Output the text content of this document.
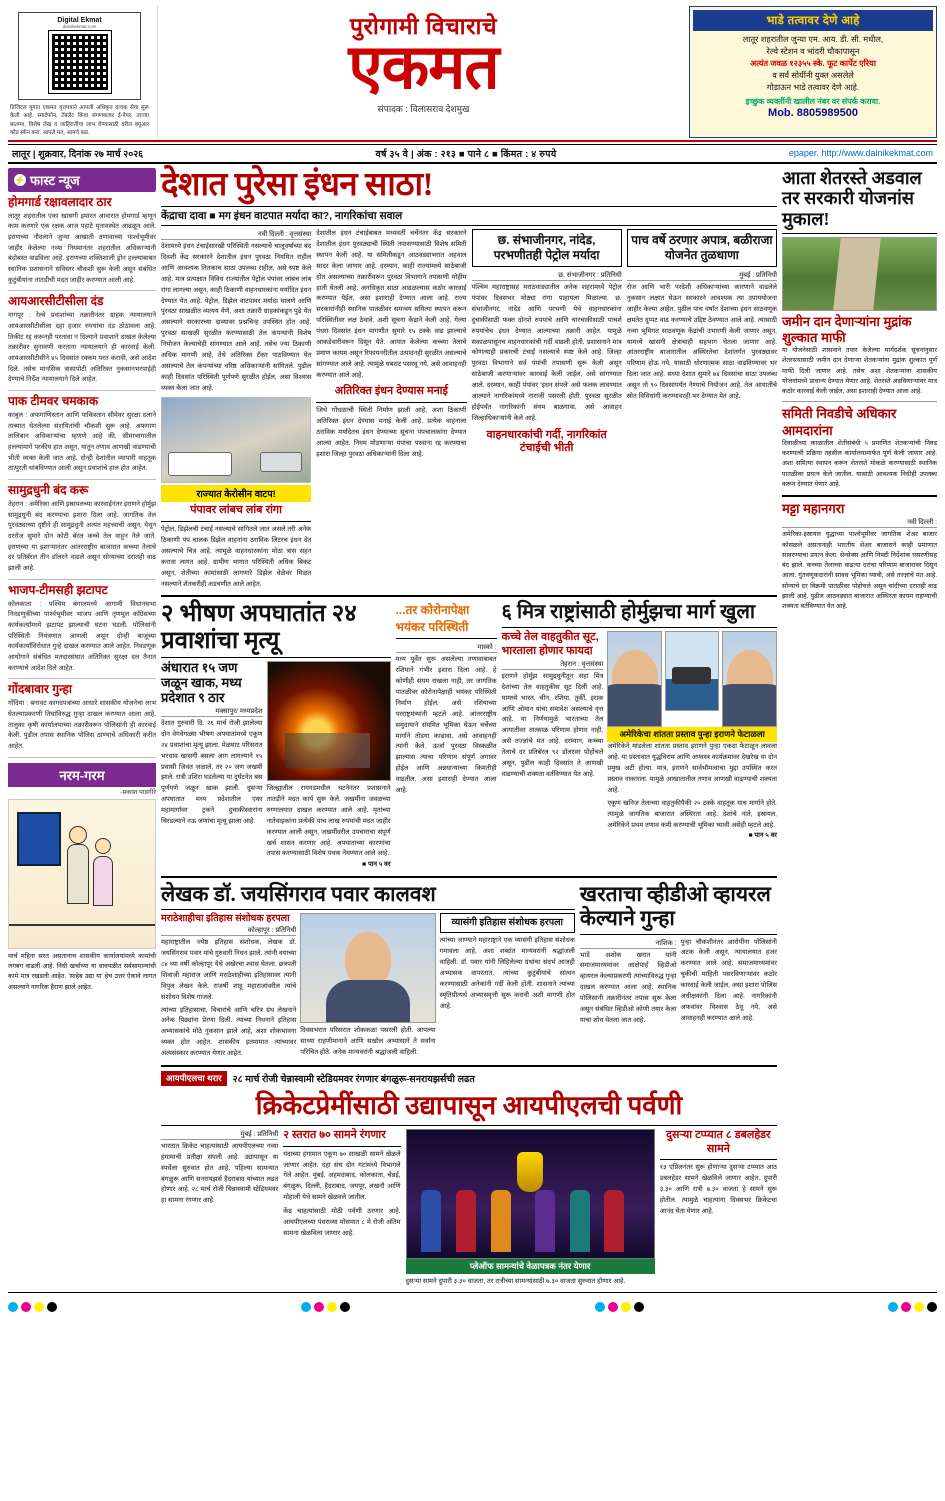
Digital Ekmat
dainikekmat.com

डिजिटल युगात एकमत वृत्तपत्राने आपली अधिकृत वाचक सेवा सुरू केली आहे. स्मार्टफोन, टॅबलेट किंवा संगणकावर ई-पेपर, ताज्या बातम्या, विशेष लेख व जाहिरातींचा लाभ घेण्यासाठी वरील क्यूआर कोड स्कॅन करा. आपले मत, आमचे बळ.

पुरोगामी विचाराचे
एकमत
संपादक : विलासराव देशमुख
भाडे तत्वावर देणे आहे
लातूर शहरातील जुन्या एम. आय. डी. सी. मधील,
रेल्वे स्टेशन व भांदरी चौकापासून
अत्यंत जवळ १२३५५ स्के. फूट कार्पेट एरिया
व सर्व सोयींनी युक्त असलेले
गोडाऊन भाडे तत्वावर देणे आहे.
इच्छुक व्यक्तींनी खालील नंबर वर संपर्क करावा.
Mob. 8805989500
लातूर | शुक्रवार, दिनांक २७ मार्च २०२६	वर्ष ३५ वे | अंक : २१३ ■ पाने ८ ■ किंमत : ४ रुपये	epaper. http://www.dainikekmat.com
⚡ फास्ट न्यूज
होमगार्ड रक्षावलादार ठार
लातूर शहरातील एका खासगी इमारत आवारात होमगार्ड म्हणून काम करणारे एक रक्षक आज पहाटे मृतावस्थेत आढळून आले. इराणच्या नौदलाने जुन्या आखाती तणावाच्या पार्श्वभूमीवर जाहीर केलेल्या नव्या नियमानंतर शहरातील अधिकाऱ्यांनी बंदोबस्त वाढविला आहे. इराणच्या शक्तिशाली ड्रोन हल्ल्याबाबत स्थानिक प्रशासनाने सविस्तर चौकशी सुरू केली असून संबंधित कुटुंबीयांना तातडीची मदत जाहीर करण्यात आली आहे.
आयआरसीटीसीला दंड
नागपूर : रेल्वे प्रवाशांच्या तक्रारीनंतर ग्राहक न्यायालयाने आयआरसीटीसीला दहा हजार रुपयांचा दंड ठोठावला आहे. तिकीट रद्द करूनही परतावा न दिल्याने प्रवाशाने दाखल केलेल्या तक्रारीवर सुनावणी करताना न्यायालयाने ही कारवाई केली. आयआरसीटीसीने ४५ दिवसांत रक्कम परत करावी, असे आदेश दिले. तसेच मानसिक त्रासापोटी अतिरिक्त नुकसानभरपाईही देण्याचे निर्देश न्यायालयाने दिले आहेत.
पाक टीमवर चमकाक
काबुल : अफगाणिस्तान आणि पाकिस्तान सीमेवर सुरक्षा दलाने ताब्यात घेतलेल्या संशयितांची चौकशी सुरू आहे. अफगाण तालिबान अधिकाऱ्यांचा म्हणणे आहे की, सीमाभागातील हल्ल्यांमागे परकीय हात असून, यातून तणाव आणखी वाढण्याची भीती व्यक्त केली जात आहे. दोन्ही देशांतील व्यापारी वाहतूक तात्पुरती थांबविण्यात आली असून प्रवाशांचे हाल होत आहेत.
सामुद्रधुनी बंद करू
तेहरान : अमेरिका आणि इस्रायलच्या कारवाईनंतर इराणने होर्मुझ सामुद्रधुनी बंद करण्याचा इशारा दिला आहे. जागतिक तेल पुरवठ्याच्या दृष्टीने ही सामुद्रधुनी अत्यंत महत्त्वाची असून, येथून दररोज सुमारे दोन कोटी बॅरल कच्चे तेल वाहून नेले जाते. इराणच्या या इशाऱ्यानंतर आंतरराष्ट्रीय बाजारात कच्च्या तेलाचे दर प्रतिबॅरल तीन डॉलरने वाढले असून सोन्याच्या दरातही वाढ झाली आहे.
भाजप-टीमसही झटापट
कोलकाता : पश्चिम बंगालमध्ये आगामी विधानसभा निवडणुकीच्या पार्श्वभूमीवर भाजप आणि तृणमूल काँग्रेसच्या कार्यकर्त्यांमध्ये झटापट झाल्याची घटना घडली. पोलिसांनी परिस्थिती नियंत्रणात आणली असून दोन्ही बाजूंच्या कार्यकर्त्यांविरोधात गुन्हे दाखल करण्यात आले आहेत. निवडणूक आयोगाने संबंधित मतदारसंघात अतिरिक्त सुरक्षा दल तैनात करण्याचे आदेश दिले आहेत.
गोंदबावार गुन्हा
गोंदिया : बनावट कागदपत्रांच्या आधारे शासकीय योजनेचा लाभ घेतल्याप्रकरणी तिघांविरुद्ध गुन्हा दाखल करण्यात आला आहे. तालुका कृषी कार्यालयाच्या तक्रारीवरून पोलिसांनी ही कारवाई केली. पुढील तपास स्थानिक पोलिस ठाण्याचे अधिकारी करीत आहेत.
नरम-गरम
-प्रकाश पाडगीरे
मार्च महिना सरत असतानाच शासकीय कार्यालयांमध्ये कामांची लगबग वाढली आहे. निधी खर्चाच्या या धावपळीत सर्वसामान्यांची कामे मात्र रखडली आहेत. 'साहेब उद्या या' हेच उत्तर ऐकावे लागत असल्याने नागरिक हैराण झाले आहेत.
देशात पुरेसा इंधन साठा!
केंद्राचा दावा ■ मग इंधन वाटपात मर्यादा का?, नागरिकांचा सवाल
नवी दिल्ली : वृत्तसंस्था
देशामध्ये इंधन टंचाईसारखी परिस्थिती नसल्याचे चालूवर्षाच्या बंद दिवशी केंद्र सरकारने देशातील इंधन पुरवठा नियमित राहील आणि आवश्यक तितकाच साठा उपलब्ध राहील, असे स्पष्ट केले आहे. मात्र प्रत्यक्षात विविध राज्यांतील पेट्रोल पंपांवर लांबच लांब रांगा लागल्या असून, काही ठिकाणी वाहनधारकांना मर्यादित इंधन देण्यात येत आहे. पेट्रोल, डिझेल वाटपावर मर्यादा घालणे आणि पुरवठा साखळीत व्यत्यय येणे, अशा तक्रारी ग्राहकांकडून पुढे येत असल्याने सरकारच्या दाव्यावर प्रश्नचिन्ह उपस्थित होत आहे. पुरवठा साखळी सुरळीत करण्यासाठी तेल कंपन्यांनी विशेष नियोजन केल्याचेही सांगण्यात आले आहे. तसेच ज्या ठिकाणी अधिक मागणी आहे, तेथे अतिरिक्त टँकर पाठविण्यात येत असल्याचे तेल कंपन्यांच्या वरिष्ठ अधिकाऱ्यांनी सांगितले. पुढील काही दिवसांत परिस्थिती पूर्णपणे सुरळीत होईल, असा विश्वास व्यक्त केला जात आहे.
राज्यात केरोसीन वाटप!
पंपावर लांबच लांब रांगा
पेट्रोल, डिझेलची टंचाई नसल्याचे सांगितले जात असले तरी अनेक ठिकाणी पंप चालक डिझेल वाहनांना ठराविक लिटरच इंधन देत असल्याचे चित्र आहे. त्यामुळे वाहनधारकांना मोठा त्रास सहन करावा लागत आहे. ग्रामीण भागात परिस्थिती अधिक बिकट असून, शेतीच्या कामांसाठी लागणारे डिझेल वेळेवर मिळत नसल्याने शेतकरीही अडचणीत आले आहेत.
देशातील इंधन टंचाईबाबत मध्यवर्ती चर्चेनंतर केंद्र सरकारने देशातील इंधन पुरवठ्याची स्थिती तपासण्यासाठी विशेष समिती स्थापन केली आहे. या समितीकडून आठवड्याभरात अहवाल सादर केला जाणार आहे. दरम्यान, काही राज्यांमध्ये साठेबाजी होत असल्याच्या तक्रारींवरून पुरवठा विभागाने तपासणी मोहीम हाती घेतली आहे. अनधिकृत साठा आढळल्यास कठोर कारवाई करण्यात येईल, असा इशाराही देण्यात आला आहे. राज्य सरकारांनीही स्थानिक पातळीवर समन्वय समित्या स्थापन करून परिस्थितीवर लक्ष ठेवावे, अशी सूचना केंद्राने केली आहे. गेल्या पंधरा दिवसांत इंधन मागणीत सुमारे १५ टक्के वाढ झाल्याचे आकडेवारीवरून दिसून येते. आयात केलेल्या कच्च्या तेलाचे प्रमाण कायम असून रिफायनरीतील उत्पादनही सुरळीत असल्याचे सांगण्यात आले आहे. त्यामुळे घबराट पसरवू नये, असे आवाहनही करण्यात आले आहे.
अतिरिक्त इंधन देण्यास मनाई
जिथे गोंधळाची स्थिती निर्माण झाली आहे, अशा ठिकाणी अतिरिक्त इंधन देण्यास मनाई केली आहे. प्रत्येक वाहनाला ठराविक मर्यादेतच इंधन देण्याच्या सूचना पंपचालकांना देण्यात आल्या आहेत. नियम मोडणाऱ्या पंपांचा परवाना रद्द करण्याचा इशारा जिल्हा पुरवठा अधिकाऱ्यांनी दिला आहे.
छ. संभाजीनगर, नांदेड, परभणीतही पेट्रोल मर्यादा
छ. संभाजीनगर : प्रतिनिधी
पश्चिम महाराष्ट्रासह मराठवाड्यातील अनेक शहरांमध्ये पेट्रोल पंपांवर दिवसभर मोठ्या रांगा पाहायला मिळाल्या. छ. संभाजीनगर, नांदेड आणि परभणी येथे वाहनधारकांना दुचाकीसाठी फक्त दोनशे रुपयांचे आणि चारचाकीसाठी पाचशे रुपयांचेच इंधन देण्यात आल्याच्या तक्रारी आहेत. यामुळे सकाळपासूनच वाहनधारकांची गर्दी वाढली होती. प्रशासनाने मात्र कोणत्याही प्रकारची टंचाई नसल्याचे स्पष्ट केले आहे. जिल्हा पुरवठा विभागाने सर्व पंपांची तपासणी सुरू केली असून साठेबाजी करणाऱ्यांवर कारवाई केली जाईल, असे सांगण्यात आले. दरम्यान, काही पंपांवर 'इंधन संपले' असे फलक लावण्यात आल्याने नागरिकांमध्ये नाराजी पसरली होती. पुरवठा सुरळीत होईपर्यंत नागरिकांनी संयम बाळगावा, असे आवाहन जिल्हाधिकाऱ्यांनी केले आहे.
वाहनधारकांची गर्दी, नागरिकांत टंचाईची भीती
पाच वर्षे ठरणार अपात्र, बळीराजा योजनेत तुळधाणा
मुंबई : प्रतिनिधी
रोज आणि भारी परदेशी अधिकाऱ्यांच्या कारणाने वाढलेले नुकसान लक्षात घेऊन सरकारने आवश्यक त्या उपाययोजना जाहीर केल्या आहेत. पुढील पाच वर्षांत देशाच्या इंधन साठवणूक क्षमतेत दुप्पट वाढ करण्याचे उद्दिष्ट ठेवण्यात आले आहे. त्यासाठी नव्या भूमिगत साठवणूक केंद्रांची उभारणी केली जाणार असून, यामध्ये खासगी क्षेत्राचाही सहभाग घेतला जाणार आहे. आंतरराष्ट्रीय बाजारातील अस्थिरतेचा देशांतर्गत पुरवठ्यावर परिणाम होऊ नये, यासाठी धोरणात्मक साठा वाढविण्यावर भर दिला जात आहे. सध्या देशात सुमारे ७४ दिवसांचा साठा उपलब्ध असून तो ९० दिवसांपर्यंत नेण्याचे नियोजन आहे. तेल आयातीचे स्रोत विविधांगी करण्यावरही भर देण्यात येत आहे.
२ भीषण अपघातांत २४ प्रवाशांचा मृत्यू
अंधारात १५ जण जळून खाक, मध्य प्रदेशात ९ ठार
मक्सापुर/ मध्यप्रदेश
देशात गुरुवारी दि. २६ मार्च रोजी झालेल्या दोन वेगवेगळ्या भीषण अपघातांमध्ये एकूण २४ प्रवाशांचा मृत्यू झाला. मेळघाट परिसरात भरधाव खासगी बसला आग लागल्याने १५ प्रवासी जिवंत जळाले, तर २० जण जखमी झाले. रात्री उशिरा घडलेल्या या दुर्घटनेत बस पूर्णपणे जळून खाक झाली. दुसऱ्या अपघातात मध्य प्रदेशातील एका महामार्गावर ट्रकने दुचाकीस्वारांना चिरडल्याने नऊ जणांचा मृत्यू झाला आहे.
जिल्ह्यातील रायगडमधील घटनेनंतर प्रशासनाने तातडीने मदत कार्य सुरू केले. जखमींना जवळच्या रुग्णालयात दाखल करण्यात आले आहे. मृतांच्या नातेवाइकांना प्रत्येकी पाच लाख रुपयांची मदत जाहीर करण्यात आली असून, जखमींवरील उपचाराचा संपूर्ण खर्च शासन करणार आहे. अपघाताच्या कारणांचा तपास करण्यासाठी विशेष पथक नेमण्यात आले आहे.
■ पान ५ वर
...तर कोरोनापेक्षा भयंकर परिस्थिती
मास्को :
मध्य पूर्वेत सुरू असलेल्या तणावाबाबत रशियाने गंभीर इशारा दिला आहे. हे कोणीही संयम राखला नाही, तर जागतिक पातळीवर कोरोनापेक्षाही भयंकर परिस्थिती निर्माण होईल, असे रशियाच्या परराष्ट्रमंत्र्यांनी म्हटले आहे. आंतरराष्ट्रीय समुदायाने संयमित भूमिका घेऊन चर्चेच्या मार्गाने तोडगा काढावा, असे आवाहनही त्यांनी केले. ऊर्जा पुरवठा विस्कळीत झाल्यास त्याचा परिणाम संपूर्ण जगावर होईल आणि अन्नधान्याच्या किमतीही वाढतील, असा इशाराही देण्यात आला आहे.
६ मित्र राष्ट्रांसाठी होर्मुझचा मार्ग खुला
कच्चे तेल वाहतुकीत सूट, भारताला होणार फायदा
तेहरान : वृत्तसंस्था
इराणने होर्मुझ सामुद्रधुनीतून सहा मित्र देशांच्या तेल वाहतुकीस सूट दिली आहे. यामध्ये भारत, चीन, रशिया, तुर्की, इराक आणि ओमान यांचा समावेश असल्याचे वृत्त आहे. या निर्णयामुळे भारताच्या तेल आयातीवर तात्काळ परिणाम होणार नाही, असे तज्ज्ञांचे मत आहे. दरम्यान, कच्च्या तेलाचे दर प्रतिबॅरल ९२ डॉलरवर पोहोचले असून, पुढील काही दिवसांत ते आणखी वाढण्याची शक्यता वर्तविण्यात येत आहे.
अमेरिकेचा शांतता प्रस्ताव पुन्हा इराणने फेटाळला
अमेरिकेने मांडलेला शांतता प्रस्ताव इराणने पुन्हा एकदा फेटाळून लावला आहे. या प्रस्तावात युद्धविराम आणि अण्वस्त्र कार्यक्रमावर देखरेख या दोन प्रमुख अटी होत्या. मात्र, इराणने सार्वभौमत्वाचा मुद्दा उपस्थित करत प्रस्ताव नाकारला. यामुळे आखातातील तणाव आणखी वाढण्याची शक्यता आहे.
एकूण खनिज तेलाच्या वाहतुकीपैकी २० टक्के वाहतूक याच मार्गाने होते. त्यामुळे जागतिक बाजारात अस्थिरता आहे. देशांचे नाते, इस्रायल, अमेरिकेने प्रथम तणाव कमी करण्याची भूमिका घ्यावी असेही म्हटले आहे.
■ पान ५ वर
लेखक डॉ. जयसिंगराव पवार कालवश
मराठेशाहीचा इतिहास संशोधक हरपला
कोल्हापूर : प्रतिनिधी
महाराष्ट्रातील ज्येष्ठ इतिहास संशोधक, लेखक डॉ. जयसिंगराव पवार यांचे गुरुवारी निधन झाले. त्यांनी वयाच्या ८४ व्या वर्षी कोल्हापूर येथे अखेरचा श्वास घेतला. छत्रपती शिवाजी महाराज आणि मराठेशाहीच्या इतिहासावर त्यांनी विपुल लेखन केले. राजर्षी शाहू महाराजांवरील त्यांचे संशोधन विशेष गाजले.
त्यांच्या इतिहासाचा, विचारांचे आणि चरित्र ग्रंथ लेखनाने अनेक पिढ्यांना प्रेरणा दिली. त्यांच्या निधनाने इतिहास अभ्यासकांचे मोठे नुकसान झाले आहे, अशा शोकभावना व्यक्त होत आहेत. शासकीय इतमामात त्यांच्यावर अंत्यसंस्कार करण्यात येणार आहेत.
दिवसभरात परिसरात शोककळा पसरली होती. आपल्या साध्या राहणीमानाने आणि सखोल अभ्यासाने ते सर्वांना परिचित होते. अनेक मान्यवरांनी श्रद्धांजली वाहिली.
व्यासंगी इतिहास संशोधक हरपला
त्यांच्या जाण्याने महाराष्ट्राने एक व्यासंगी इतिहास संशोधक गमावला आहे, अशा शब्दांत मान्यवरांनी श्रद्धांजली वाहिली. डॉ. पवार यांनी लिहिलेल्या ग्रंथांचा संदर्भ आजही अभ्यासक वापरतात. त्यांच्या कुटुंबीयांचे सांत्वन करण्यासाठी अनेकांनी गर्दी केली होती. शासनाने त्यांच्या स्मृतिप्रीत्यर्थ अभ्यासवृत्ती सुरू करावी अशी मागणी होत आहे.
खरताचा व्हीडीओ व्हायरल केल्याने गुन्हा
नाशिक :
भांडे अशोक खरात यांनी समाजमाध्यमांवर आक्षेपार्ह व्हिडीओ व्हायरल केल्याप्रकरणी त्यांच्याविरुद्ध गुन्हा दाखल करण्यात आला आहे. स्थानिक पोलिसांनी तक्रारीनंतर तपास सुरू केला असून संबंधित व्हिडीओ कोणी तयार केला याचा शोध घेतला जात आहे.
पुन्हा चौकशीनंतर आरोपींना पोलिसांनी अटक केली असून, न्यायालयात हजर करण्यात आले आहे. समाजमाध्यमांवर चुकीची माहिती पसरविणाऱ्यांवर कठोर कारवाई केली जाईल, असा इशारा पोलिस अधीक्षकांनी दिला आहे. नागरिकांनी अफवांवर विश्वास ठेवू नये, असे आवाहनही करण्यात आले आहे.
आयपीएलचा थरार	२८ मार्च रोजी चेन्नास्वामी स्टेडियमवर रंगणार बंगळुरू-सनरायझर्सची लढत
क्रिकेटप्रेमींसाठी उद्यापासून आयपीएलची पर्वणी
मुंबई : प्रतिनिधी
भारतात क्रिकेट चाहत्यांसाठी आयपीएलच्या नव्या हंगामाची प्रतीक्षा संपली आहे. उद्यापासून या स्पर्धेला सुरुवात होत आहे. पहिल्या सामन्यात बंगळुरू आणि सनरायझर्स हैदराबाद यांच्यात लढत होणार आहे. २८ मार्च रोजी चिन्नास्वामी स्टेडियमवर हा सामना रंगणार आहे.
२ स्तरात ७० सामने रंगणार
यंदाच्या हंगामात एकूण ७० साखळी सामने खेळले जाणार आहेत. दहा संघ दोन गटांमध्ये विभागले गेले आहेत. मुंबई, अहमदाबाद, कोलकाता, चेन्नई, बंगळुरू, दिल्ली, हैदराबाद, जयपूर, लखनौ आणि मोहाली येथे सामने खेळवले जातील.
केंद्र चाहत्यांसाठी मोठी पर्वणी ठरणार आहे. आयपीएलच्या पंधराव्या मोसमात ८ मे रोजी अंतिम सामना खेळविला जाणार आहे.
प्लेऑफ सामन्यांचे वेळापत्रक नंतर येणार
दुसऱ्या सामने दुपारी ३.३० वाजता, तर रात्रीच्या सामन्यांसाठी ७.३० वाजता सुरुवात होणार आहे.
दुसऱ्या टप्प्यात ८ डबलहेडर सामने
१३ एप्रिलनंतर सुरू होणाऱ्या दुसऱ्या टप्प्यात आठ डबलहेडर सामने खेळविले जाणार आहेत. दुपारी ३.३० आणि रात्री ७.३० वाजता हे सामने सुरू होतील. त्यामुळे चाहत्यांना दिवसभर क्रिकेटचा आनंद घेता येणार आहे.
आता शेतरस्ते अडवाल तर सरकारी योजनांस मुकाल!
जमीन दान देणाऱ्यांना मुद्रांक शुल्कात माफी
या योजनेसाठी शासनाने तयार केलेल्या मार्गदर्शक सूचनांनुसार शेतरस्त्यासाठी जमीन दान देणाऱ्या शेतकऱ्यांना मुद्रांक शुल्कात पूर्ण माफी दिली जाणार आहे. तसेच अशा शेतकऱ्यांना शासकीय योजनांमध्ये प्राधान्य देण्यात येणार आहे. शेतरस्ते अडविणाऱ्यांवर मात्र कठोर कारवाई केली जाईल, असा इशाराही देण्यात आला आहे.
समिती निवडीचे अधिकार आमदारांना
दिवाळीच्या काळातील शेतीसंबंधी ५ प्रमाणित शेतकऱ्यांची निवड करण्याची प्रक्रिया तहसील कार्यालयामार्फत पूर्ण केली जाणार आहे. अशा समित्या स्थापन करून शेतरस्ते मोकळे करण्यासाठी स्थानिक पातळीवर प्रयत्न केले जातील. यासाठी आवश्यक निधीही उपलब्ध करून देण्यात येणार आहे.
मट्टा महानगरा
नवी दिल्ली :
अमेरिका-इस्रायल युद्धाच्या पार्श्वभूमीवर जागतिक शेअर बाजार कोसळले असतानाही भारतीय शेअर बाजाराने काही प्रमाणात सावरण्याचा प्रयत्न केला. सेन्सेक्स आणि निफ्टी निर्देशांक घसरणीसह बंद झाले. कच्च्या तेलाच्या वाढत्या दरांचा परिणाम बाजारावर दिसून आला. गुंतवणूकदारांनी सावध भूमिका घ्यावी, असे तज्ज्ञांचे मत आहे. सोन्याचे दर विक्रमी पातळीवर पोहोचले असून चांदीच्या दरातही वाढ झाली आहे. पुढील आठवड्यात बाजारात अस्थिरता कायम राहण्याची शक्यता वर्तविण्यात येत आहे.
